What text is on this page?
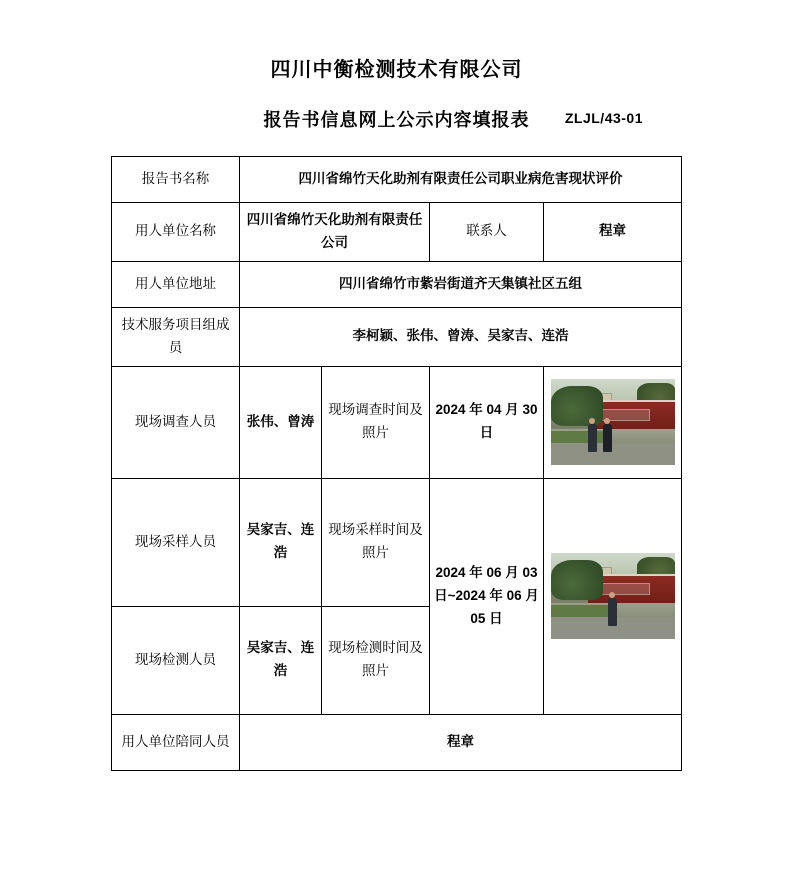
四川中衡检测技术有限公司
报告书信息网上公示内容填报表	ZLJL/43-01
报告书名称	四川省绵竹天化助剂有限责任公司职业病危害现状评价			
用人单位名称	四川省绵竹天化助剂有限责任公司		联系人	程章
用人单位地址	四川省绵竹市紫岩街道齐天集镇社区五组			
技术服务项目组成员	李柯颖、张伟、曾涛、吴家吉、连浩			
现场调查人员	张伟、曾涛	现场调查时间及照片	2024 年 04 月 30 日	

现场采样人员	吴家吉、连浩	现场采样时间及照片	2024 年 06 月 03 日~2024 年 06 月 05 日	

现场检测人员	吴家吉、连浩	现场检测时间及照片		
用人单位陪同人员	程章			
